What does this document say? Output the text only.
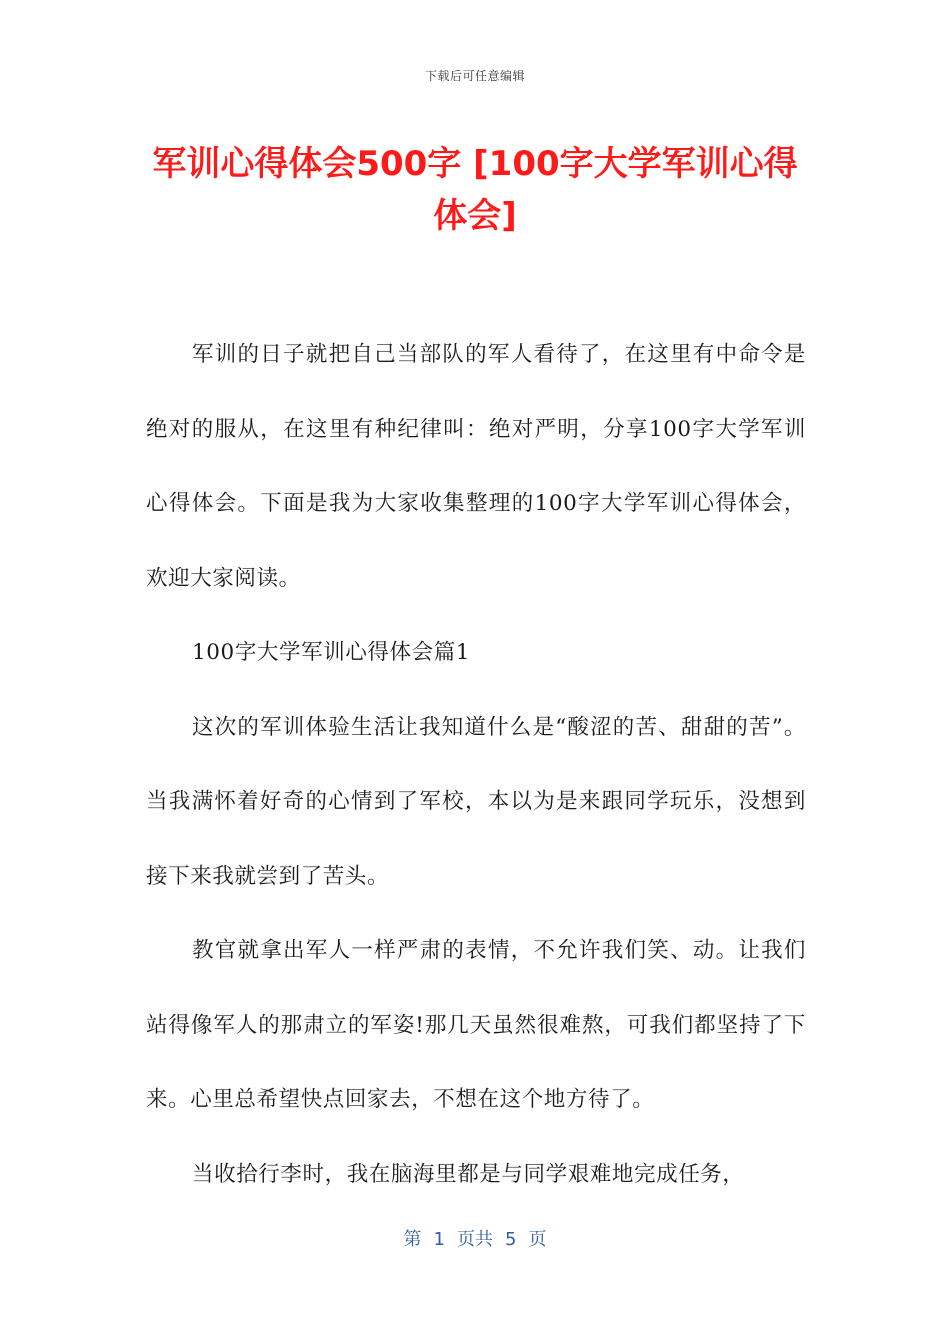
下载后可任意编辑
军训心得体会500字 [100字大学军训心得体会]

军训的日子就把自己当部队的军人看待了，在这里有中命令是绝对的服从，在这里有种纪律叫：绝对严明，分享100字大学军训心得体会。下面是我为大家收集整理的100字大学军训心得体会，欢迎大家阅读。

100字大学军训心得体会篇1

这次的军训体验生活让我知道什么是“酸涩的苦、甜甜的苦”。当我满怀着好奇的心情到了军校，本以为是来跟同学玩乐，没想到接下来我就尝到了苦头。

教官就拿出军人一样严肃的表情，不允许我们笑、动。让我们站得像军人的那肃立的军姿!那几天虽然很难熬，可我们都坚持了下来。心里总希望快点回家去，不想在这个地方待了。

当收拾行李时，我在脑海里都是与同学艰难地完成任务，

第 1 页共 5 页
